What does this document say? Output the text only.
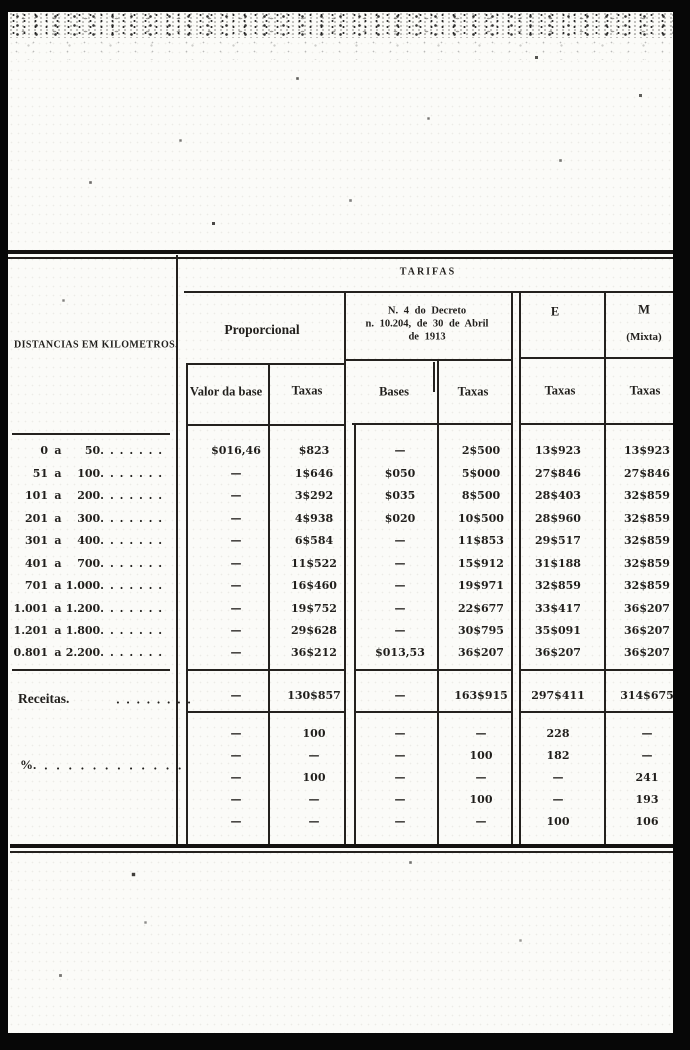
TARIFAS
DISTANCIAS EM KILOMETROS.
Proporcional
N. 4 do Decreto
n. 10.204, de 30 de Abril
de 1913
E	M
(Mixta)
Valor da base Taxas	Bases	Taxas	Taxas	Taxas
0 a	50. . . . . . .	$016,46	$823	—	2$500	13$923	13$923
51 a	100. . . . . . .	—	1$646	$050	5$000	27$846	27$846
101 a	200. . . . . . .	—	3$292	$035	8$500	28$403	32$859
201 a	300. . . . . . .	—	4$938	$020	10$500	28$960	32$859
301 a	400. . . . . . .	—	6$584	—	11$853	29$517	32$859
401 a	700. . . . . . .	—	11$522	—	15$912	31$188	32$859
701 a 1.000. . . . . . .	—	16$460	—	19$971	32$859	32$859
1.001 a 1.200. . . . . . .	—	19$752	—	22$677	33$417	36$207
1.201 a 1.800. . . . . . .	—	29$628	—	30$795	35$091	36$207
0.801 a 2.200. . . . . . .	—	36$212	$013,53	36$207	36$207	36$207
Receitas.	. . . . . . . .	—	130$857	—	163$915 297$411	314$675
%. . . . . . . . . . . . .
—	100	—	—	228	—
—	—	—	100	182	—
—	100	—	—	—	241
—	—	—	100	—	193
—	—	—	—	100	106
